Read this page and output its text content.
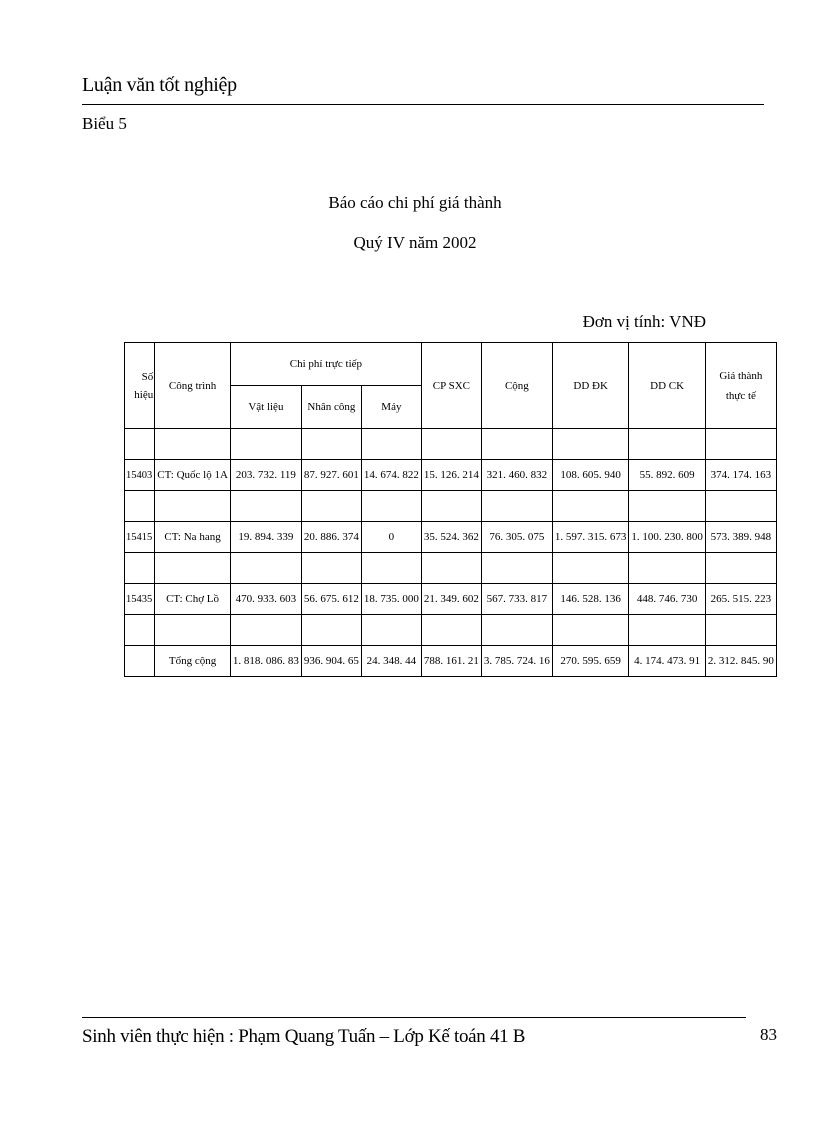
Luận văn tốt nghiệp
Biểu 5
Báo cáo chi phí giá thành
Quý IV năm 2002
Đơn vị tính: VNĐ
Số
hiệu	Công trình	Chi phí trực tiếp			CP SXC	Cộng	DD ĐK	DD CK	Giá thành
thực tế
		Vật liệu	Nhân công	Máy					

15403	CT: Quốc lộ 1A	203. 732. 119	87. 927. 601	14. 674. 822	15. 126. 214	321. 460. 832	108. 605. 940	55. 892. 609	374. 174. 163

15415	CT: Na hang	19. 894. 339	20. 886. 374	0	35. 524. 362	76. 305. 075	1. 597. 315. 673	1. 100. 230. 800	573. 389. 948

15435	CT: Chợ Lồ	470. 933. 603	56. 675. 612	18. 735. 000	21. 349. 602	567. 733. 817	146. 528. 136	448. 746. 730	265. 515. 223

	Tổng cộng	1. 818. 086. 83	936. 904. 65	24. 348. 44	788. 161. 21	3. 785. 724. 16	270. 595. 659	4. 174. 473. 91	2. 312. 845. 90
Sinh viên thực hiện : Phạm Quang Tuấn – Lớp Kế toán 41 B	83
